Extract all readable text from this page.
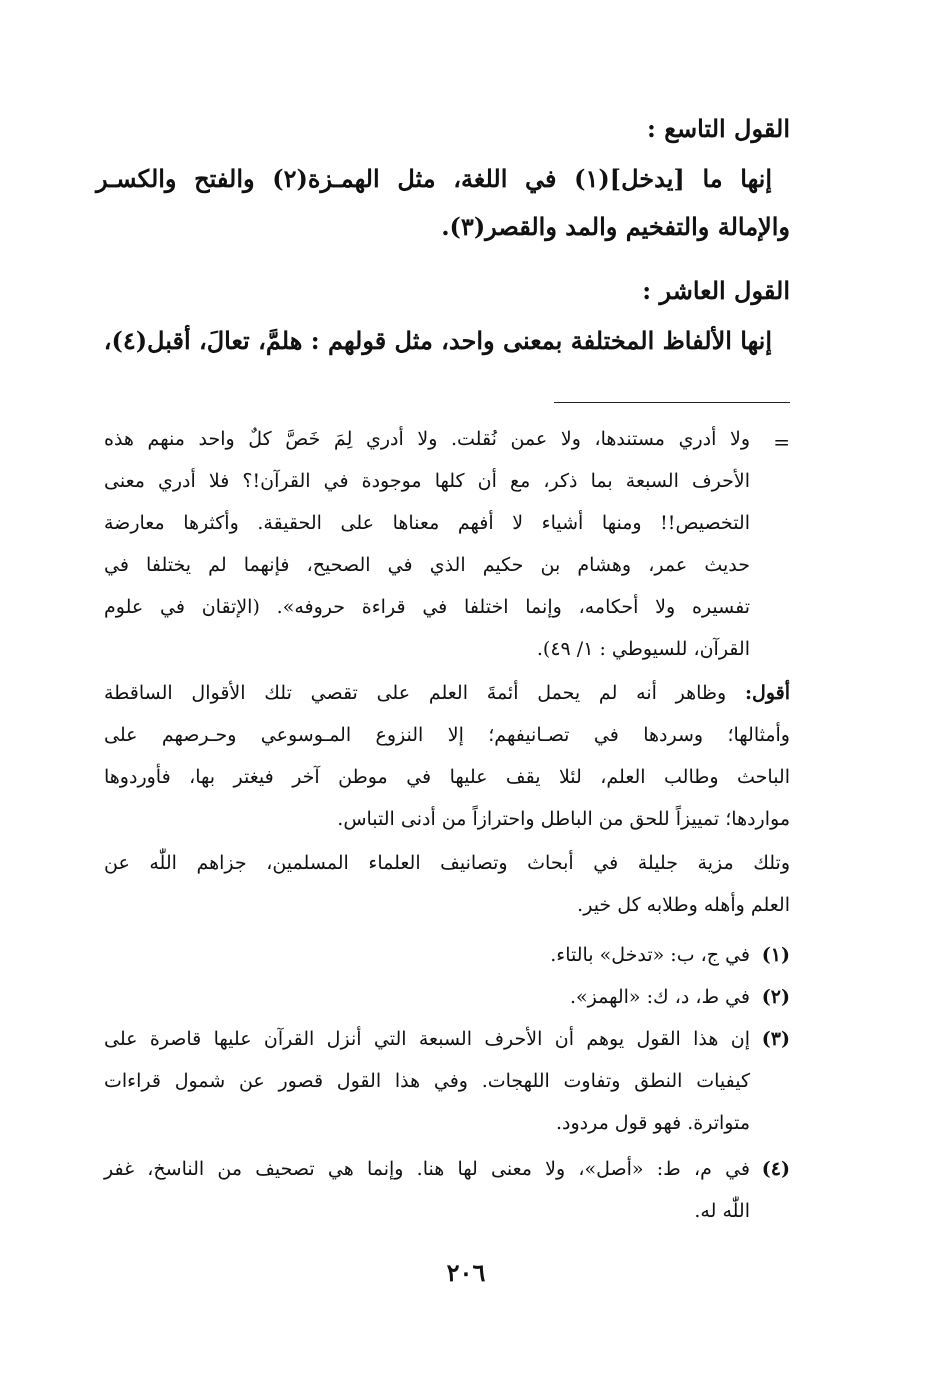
القول التاسع :
إنها ما [يدخل](١) في اللغة، مثل الهمـزة(٢) والفتح والكسـر
والإمالة والتفخيم والمد والقصر(٣).
القول العاشر :
إنها الألفاظ المختلفة بمعنى واحد، مثل قولهم : هلمَّ، تعالَ، أقبل(٤)،
=
ولا أدري مستندها، ولا عمن نُقلت. ولا أدري لِمَ خَصَّ كلٌ واحد منهم هذه
الأحرف السبعة بما ذكر، مع أن كلها موجودة في القرآن!؟ فلا أدري معنى
التخصيص!! ومنها أشياء لا أفهم معناها على الحقيقة. وأكثرها معارضة
حديث عمر، وهشام بن حكيم الذي في الصحيح، فإنهما لم يختلفا في
تفسيره ولا أحكامه، وإنما اختلفا في قراءة حروفه». (الإتقان في علوم
القرآن، للسيوطي : ١/ ٤٩).
أقول: وظاهر أنه لم يحمل أئمةَ العلم على تقصي تلك الأقوال الساقطة
وأمثالها؛ وسردها في تصـانيفهم؛ إلا النزوع المـوسوعي وحـرصهم على
الباحث وطالب العلم، لئلا يقف عليها في موطن آخر فيغتر بها، فأوردوها
مواردها؛ تمييزاً للحق من الباطل واحترازاً من أدنى التباس.
وتلك مزية جليلة في أبحاث وتصانيف العلماء المسلمين، جزاهم اللّٰه عن
العلم وأهله وطلابه كل خير.
(١)
في ج، ب: «تدخل» بالتاء.
(٢)
في ط، د، ك: «الهمز».
(٣)
إن هذا القول يوهم أن الأحرف السبعة التي أنزل القرآن عليها قاصرة على
كيفيات النطق وتفاوت اللهجات. وفي هذا القول قصور عن شمول قراءات
متواترة. فهو قول مردود.
(٤)
في م، ط: «أصل»، ولا معنى لها هنا. وإنما هي تصحيف من الناسخ، غفر
اللّٰه له.
٢٠٦
